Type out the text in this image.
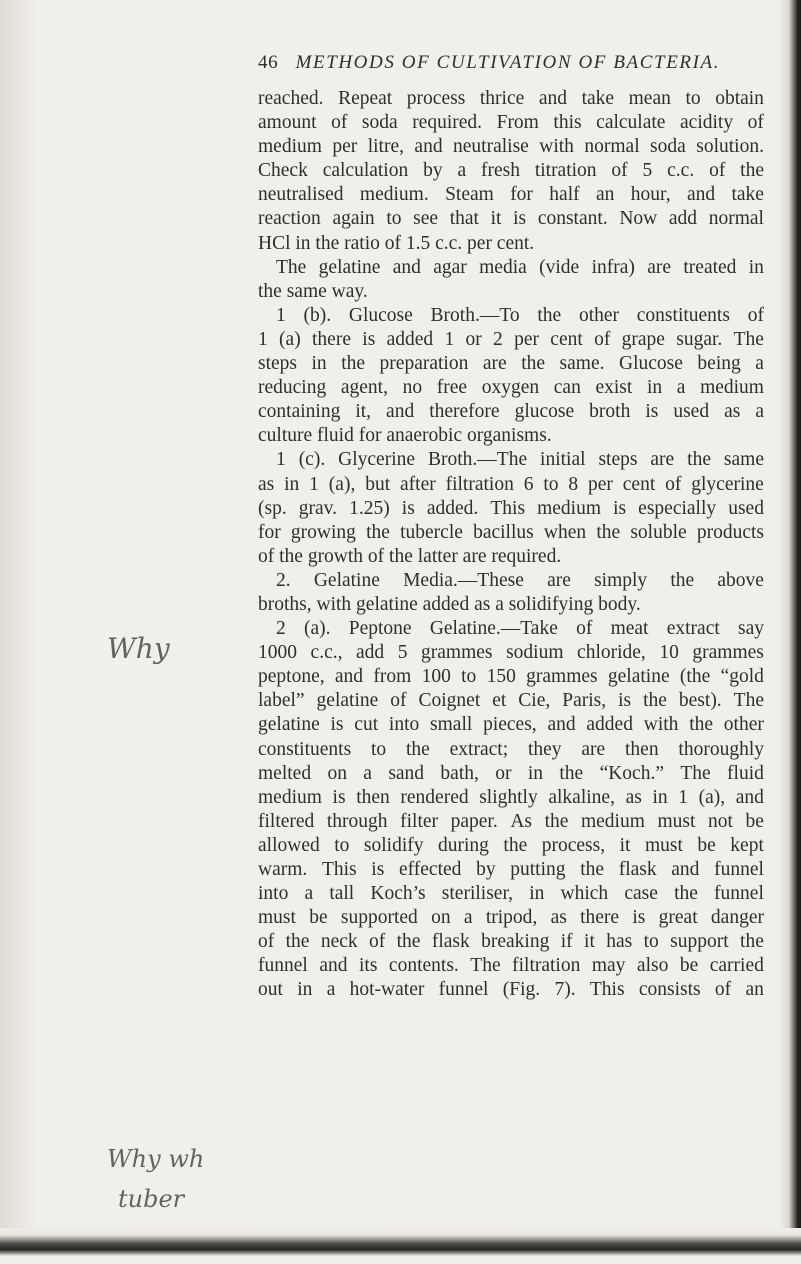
46 METHODS OF CULTIVATION OF BACTERIA.
reached. Repeat process thrice and take mean to obtain
amount of soda required. From this calculate acidity of
medium per litre, and neutralise with normal soda solution.
Check calculation by a fresh titration of 5 c.c. of the
neutralised medium. Steam for half an hour, and take
reaction again to see that it is constant. Now add normal
HCl in the ratio of 1.5 c.c. per cent.
The gelatine and agar media (vide infra) are treated in
the same way.
1 (b). Glucose Broth.—To the other constituents of
1 (a) there is added 1 or 2 per cent of grape sugar. The
steps in the preparation are the same. Glucose being a
reducing agent, no free oxygen can exist in a medium
containing it, and therefore glucose broth is used as a
culture fluid for anaerobic organisms.
1 (c). Glycerine Broth.—The initial steps are the same
as in 1 (a), but after filtration 6 to 8 per cent of glycerine
(sp. grav. 1.25) is added. This medium is especially used
for growing the tubercle bacillus when the soluble products
of the growth of the latter are required.
2. Gelatine Media.—These are simply the above
broths, with gelatine added as a solidifying body.
2 (a). Peptone Gelatine.—Take of meat extract say
1000 c.c., add 5 grammes sodium chloride, 10 grammes
peptone, and from 100 to 150 grammes gelatine (the “gold
label” gelatine of Coignet et Cie, Paris, is the best). The
gelatine is cut into small pieces, and added with the other
constituents to the extract; they are then thoroughly
melted on a sand bath, or in the “Koch.” The fluid
medium is then rendered slightly alkaline, as in 1 (a), and
filtered through filter paper. As the medium must not be
allowed to solidify during the process, it must be kept
warm. This is effected by putting the flask and funnel
into a tall Koch’s steriliser, in which case the funnel
must be supported on a tripod, as there is great danger
of the neck of the flask breaking if it has to support the
funnel and its contents. The filtration may also be carried
out in a hot-water funnel (Fig. 7). This consists of an
Why
Why wh
tuber
